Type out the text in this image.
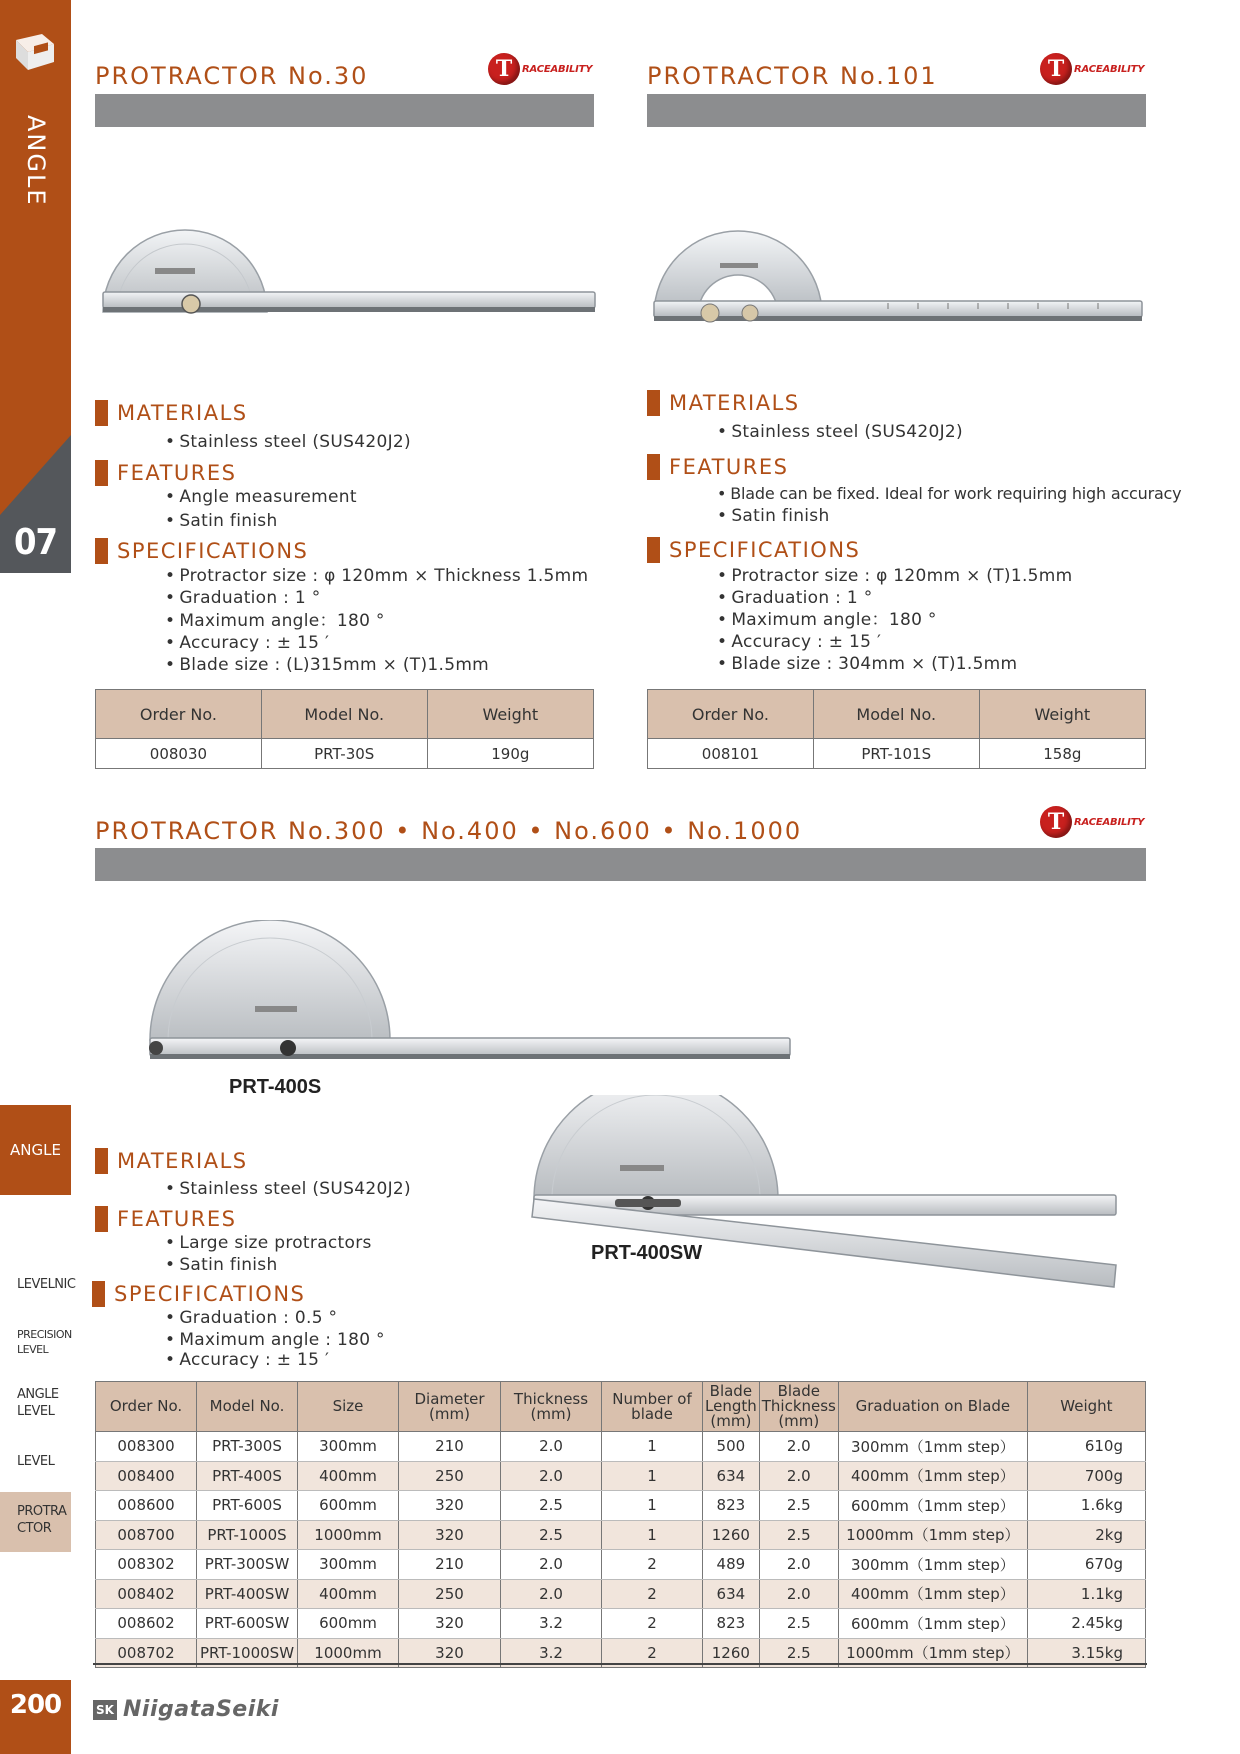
ANGLE
07
ANGLE
LEVELNIC
PRECISION LEVEL
ANGLE LEVEL
LEVEL
PROTRA CTOR
200
PROTRACTOR No.30	T RACEABILITY
MATERIALS
• Stainless steel (SUS420J2)
FEATURES
• Angle measurement
• Satin finish
SPECIFICATIONS
• Protractor size : φ 120mm × Thickness 1.5mm
• Graduation : 1 °
• Maximum angle：180 °
• Accuracy : ± 15 ′
• Blade size : (L)315mm × (T)1.5mm
Order No.	Model No.	Weight
008030	PRT-30S	190g
PROTRACTOR No.101	T RACEABILITY
MATERIALS
• Stainless steel (SUS420J2)
FEATURES
• Blade can be fixed. Ideal for work requiring high accuracy
• Satin finish
SPECIFICATIONS
• Protractor size : φ 120mm × (T)1.5mm
• Graduation : 1 °
• Maximum angle：180 °
• Accuracy : ± 15 ′
• Blade size : 304mm × (T)1.5mm
Order No.	Model No.	Weight
008101	PRT-101S	158g
PROTRACTOR No.300 • No.400 • No.600 • No.1000	T RACEABILITY
PRT-400S
PRT-400SW
MATERIALS
• Stainless steel (SUS420J2)
FEATURES
• Large size protractors
• Satin finish
SPECIFICATIONS
• Graduation : 0.5 °
• Maximum angle : 180 °
• Accuracy : ± 15 ′
Order No.	Model No.	Size	Diameter (mm)	Thickness (mm)	Number of blade	Blade Length (mm)	Blade Thickness (mm)	Graduation on Blade	Weight
008300	PRT-300S	300mm	210	2.0	1	500	2.0	300mm（1mm step）	610g
008400	PRT-400S	400mm	250	2.0	1	634	2.0	400mm（1mm step）	700g
008600	PRT-600S	600mm	320	2.5	1	823	2.5	600mm（1mm step）	1.6kg
008700	PRT-1000S	1000mm	320	2.5	1	1260	2.5	1000mm（1mm step）	2kg
008302	PRT-300SW	300mm	210	2.0	2	489	2.0	300mm（1mm step）	670g
008402	PRT-400SW	400mm	250	2.0	2	634	2.0	400mm（1mm step）	1.1kg
008602	PRT-600SW	600mm	320	3.2	2	823	2.5	600mm（1mm step）	2.45kg
008702	PRT-1000SW	1000mm	320	3.2	2	1260	2.5	1000mm（1mm step）	3.15kg
SK NiigataSeiki
